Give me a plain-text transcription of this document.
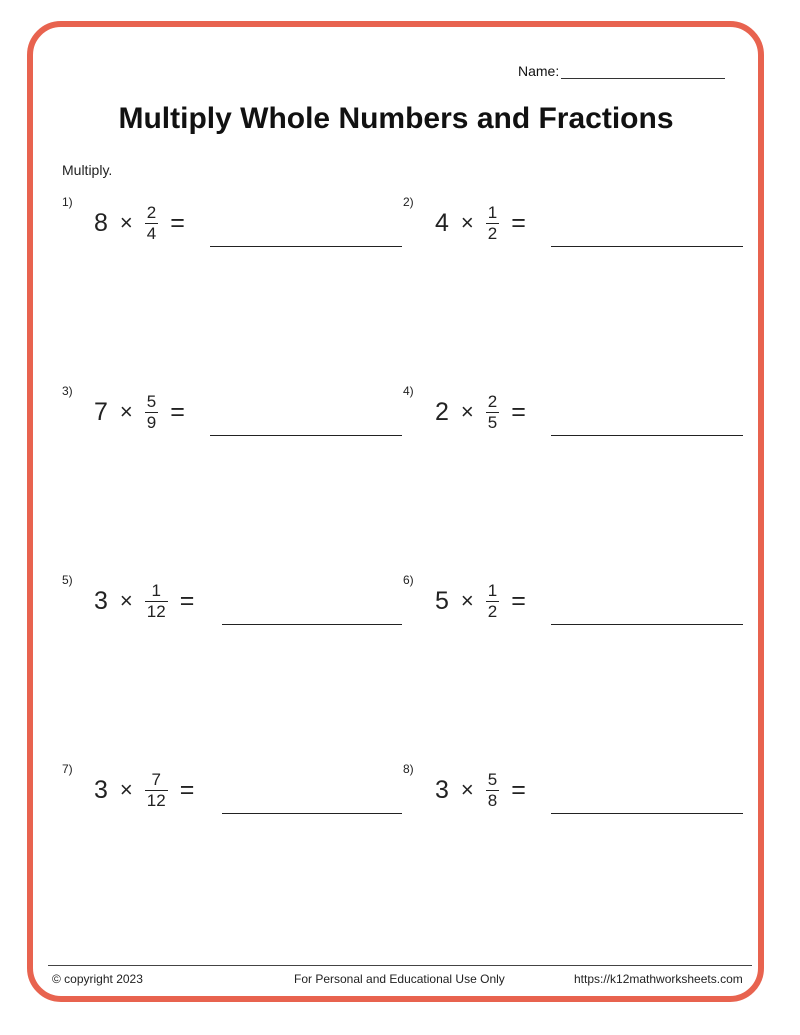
Name:
Multiply Whole Numbers and Fractions
Multiply.
1)
$8 \times \frac{2}{4}$ =
2)
$4 \times \frac{1}{2}$ =
3)
$7 \times \frac{5}{9}$ =
4)
$2 \times \frac{2}{5}$ =
5)
$3 \times \frac{1}{12}$ =
6)
$5 \times \frac{1}{2}$ =
7)
$3 \times \frac{7}{12}$ =
8)
$3 \times \frac{5}{8}$ =
© copyright 2023	For Personal and Educational Use Only	https://k12mathworksheets.com
